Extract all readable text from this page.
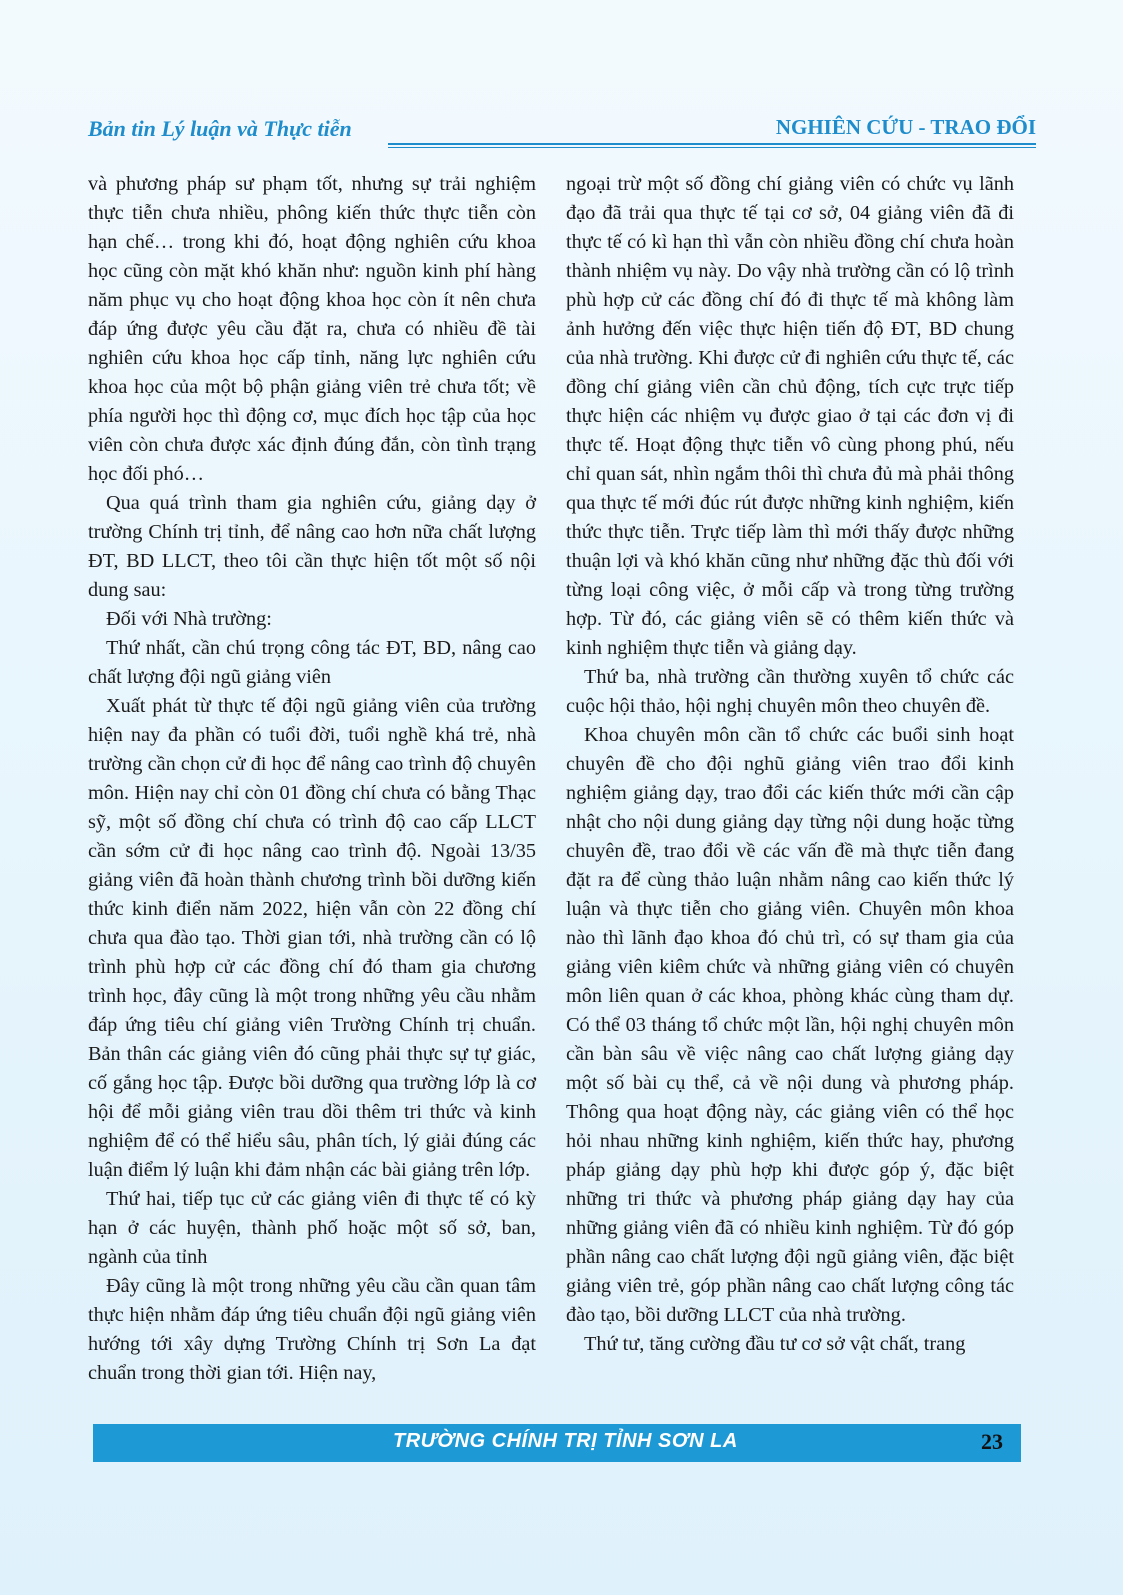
Bản tin Lý luận và Thực tiễn	NGHIÊN CỨU - TRAO ĐỔI

và phương pháp sư phạm tốt, nhưng sự trải nghiệm thực tiễn chưa nhiều, phông kiến thức thực tiễn còn hạn chế… trong khi đó, hoạt động nghiên cứu khoa học cũng còn mặt khó khăn như: nguồn kinh phí hàng năm phục vụ cho hoạt động khoa học còn ít nên chưa đáp ứng được yêu cầu đặt ra, chưa có nhiều đề tài nghiên cứu khoa học cấp tỉnh, năng lực nghiên cứu khoa học của một bộ phận giảng viên trẻ chưa tốt; về phía người học thì động cơ, mục đích học tập của học viên còn chưa được xác định đúng đắn, còn tình trạng học đối phó…

Qua quá trình tham gia nghiên cứu, giảng dạy ở trường Chính trị tỉnh, để nâng cao hơn nữa chất lượng ĐT, BD LLCT, theo tôi cần thực hiện tốt một số nội dung sau:

Đối với Nhà trường:

Thứ nhất, cần chú trọng công tác ĐT, BD, nâng cao chất lượng đội ngũ giảng viên

Xuất phát từ thực tế đội ngũ giảng viên của trường hiện nay đa phần có tuổi đời, tuổi nghề khá trẻ, nhà trường cần chọn cử đi học để nâng cao trình độ chuyên môn. Hiện nay chỉ còn 01 đồng chí chưa có bằng Thạc sỹ, một số đồng chí chưa có trình độ cao cấp LLCT cần sớm cử đi học nâng cao trình độ. Ngoài 13/35 giảng viên đã hoàn thành chương trình bồi dưỡng kiến thức kinh điển năm 2022, hiện vẫn còn 22 đồng chí chưa qua đào tạo. Thời gian tới, nhà trường cần có lộ trình phù hợp cử các đồng chí đó tham gia chương trình học, đây cũng là một trong những yêu cầu nhằm đáp ứng tiêu chí giảng viên Trường Chính trị chuẩn. Bản thân các giảng viên đó cũng phải thực sự tự giác, cố gắng học tập. Được bồi dưỡng qua trường lớp là cơ hội để mỗi giảng viên trau dồi thêm tri thức và kinh nghiệm để có thể hiểu sâu, phân tích, lý giải đúng các luận điểm lý luận khi đảm nhận các bài giảng trên lớp.

Thứ hai, tiếp tục cử các giảng viên đi thực tế có kỳ hạn ở các huyện, thành phố hoặc một số sở, ban, ngành của tỉnh

Đây cũng là một trong những yêu cầu cần quan tâm thực hiện nhằm đáp ứng tiêu chuẩn đội ngũ giảng viên hướng tới xây dựng Trường Chính trị Sơn La đạt chuẩn trong thời gian tới. Hiện nay,

ngoại trừ một số đồng chí giảng viên có chức vụ lãnh đạo đã trải qua thực tế tại cơ sở, 04 giảng viên đã đi thực tế có kì hạn thì vẫn còn nhiều đồng chí chưa hoàn thành nhiệm vụ này. Do vậy nhà trường cần có lộ trình phù hợp cử các đồng chí đó đi thực tế mà không làm ảnh hưởng đến việc thực hiện tiến độ ĐT, BD chung của nhà trường. Khi được cử đi nghiên cứu thực tế, các đồng chí giảng viên cần chủ động, tích cực trực tiếp thực hiện các nhiệm vụ được giao ở tại các đơn vị đi thực tế. Hoạt động thực tiễn vô cùng phong phú, nếu chỉ quan sát, nhìn ngắm thôi thì chưa đủ mà phải thông qua thực tế mới đúc rút được những kinh nghiệm, kiến thức thực tiễn. Trực tiếp làm thì mới thấy được những thuận lợi và khó khăn cũng như những đặc thù đối với từng loại công việc, ở mỗi cấp và trong từng trường hợp. Từ đó, các giảng viên sẽ có thêm kiến thức và kinh nghiệm thực tiễn và giảng dạy.

Thứ ba, nhà trường cần thường xuyên tổ chức các cuộc hội thảo, hội nghị chuyên môn theo chuyên đề.

Khoa chuyên môn cần tổ chức các buổi sinh hoạt chuyên đề cho đội nghũ giảng viên trao đổi kinh nghiệm giảng dạy, trao đổi các kiến thức mới cần cập nhật cho nội dung giảng dạy từng nội dung hoặc từng chuyên đề, trao đổi về các vấn đề mà thực tiễn đang đặt ra để cùng thảo luận nhằm nâng cao kiến thức lý luận và thực tiễn cho giảng viên. Chuyên môn khoa nào thì lãnh đạo khoa đó chủ trì, có sự tham gia của giảng viên kiêm chức và những giảng viên có chuyên môn liên quan ở các khoa, phòng khác cùng tham dự. Có thể 03 tháng tổ chức một lần, hội nghị chuyên môn cần bàn sâu về việc nâng cao chất lượng giảng dạy một số bài cụ thể, cả về nội dung và phương pháp. Thông qua hoạt động này, các giảng viên có thể học hỏi nhau những kinh nghiệm, kiến thức hay, phương pháp giảng dạy phù hợp khi được góp ý, đặc biệt những tri thức và phương pháp giảng dạy hay của những giảng viên đã có nhiều kinh nghiệm. Từ đó góp phần nâng cao chất lượng đội ngũ giảng viên, đặc biệt giảng viên trẻ, góp phần nâng cao chất lượng công tác đào tạo, bồi dưỡng LLCT của nhà trường.

Thứ tư, tăng cường đầu tư cơ sở vật chất, trang

TRƯỜNG CHÍNH TRỊ TỈNH SƠN LA	23
